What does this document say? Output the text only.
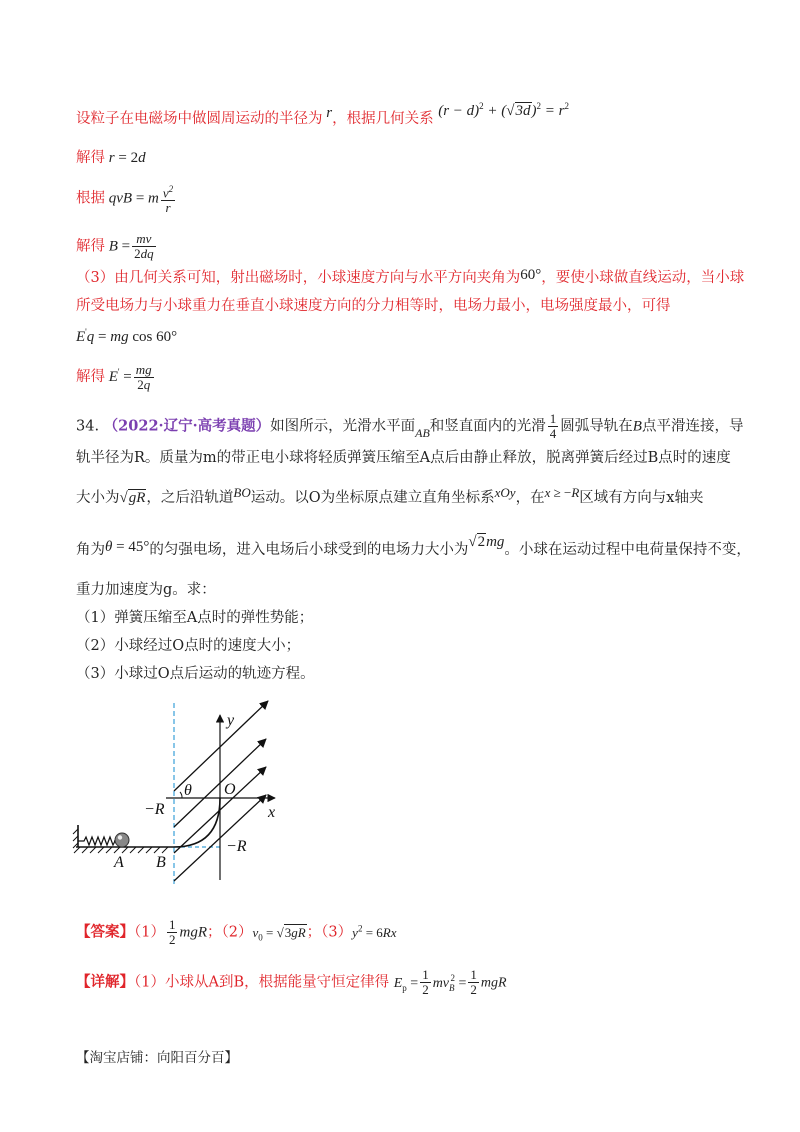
设粒子在电磁场中做圆周运动的半径为 r，根据几何关系 $(r - d)^2 + (√3d)^2 = r^2$
解得 r = 2d
根据 qvB = m $\frac{v^2}{r}$
解得 $B = \frac{mv}{2dq}$
（3）由几何关系可知，射出磁场时，小球速度方向与水平方向夹角为60°，要使小球做直线运动，当小球
所受电场力与小球重力在垂直小球速度方向的分力相等时，电场力最小，电场强度最小，可得
E'q = mg cos 60°
解得 $E' = \frac{mg}{2q}$
34. （2022·辽宁·高考真题）如图所示，光滑水平面$_{AB}$和竖直面内的光滑 $\frac{1}{4}$ 圆弧导轨在B点平滑连接，导
轨半径为R。质量为m的带正电小球将轻质弹簧压缩至A点后由静止释放，脱离弹簧后经过B点时的速度
大小为√gR，之后沿轨道BO运动。以O为坐标原点建立直角坐标系xOy，在x ≥ −R区域有方向与x轴夹
角为θ = 45°的匀强电场，进入电场后小球受到的电场力大小为√2mg。小球在运动过程中电荷量保持不变，
重力加速度为g。求：
（1）弹簧压缩至A点时的弹性势能；
（2）小球经过O点时的速度大小；
（3）小球过O点后运动的轨迹方程。
y
x
O
θ
−R
−R
A B
【答案】$(1) \frac{1}{2}$ mgR；$(2)v_0 = √3gR$；$(3)y^2 = 6Rx$
【详解】（1）小球从A到B，根据能量守恒定律得 $E_p = \frac{1}{2} mv_B^2 = \frac{1}{2}$ mgR
【淘宝店铺：向阳百分百】
